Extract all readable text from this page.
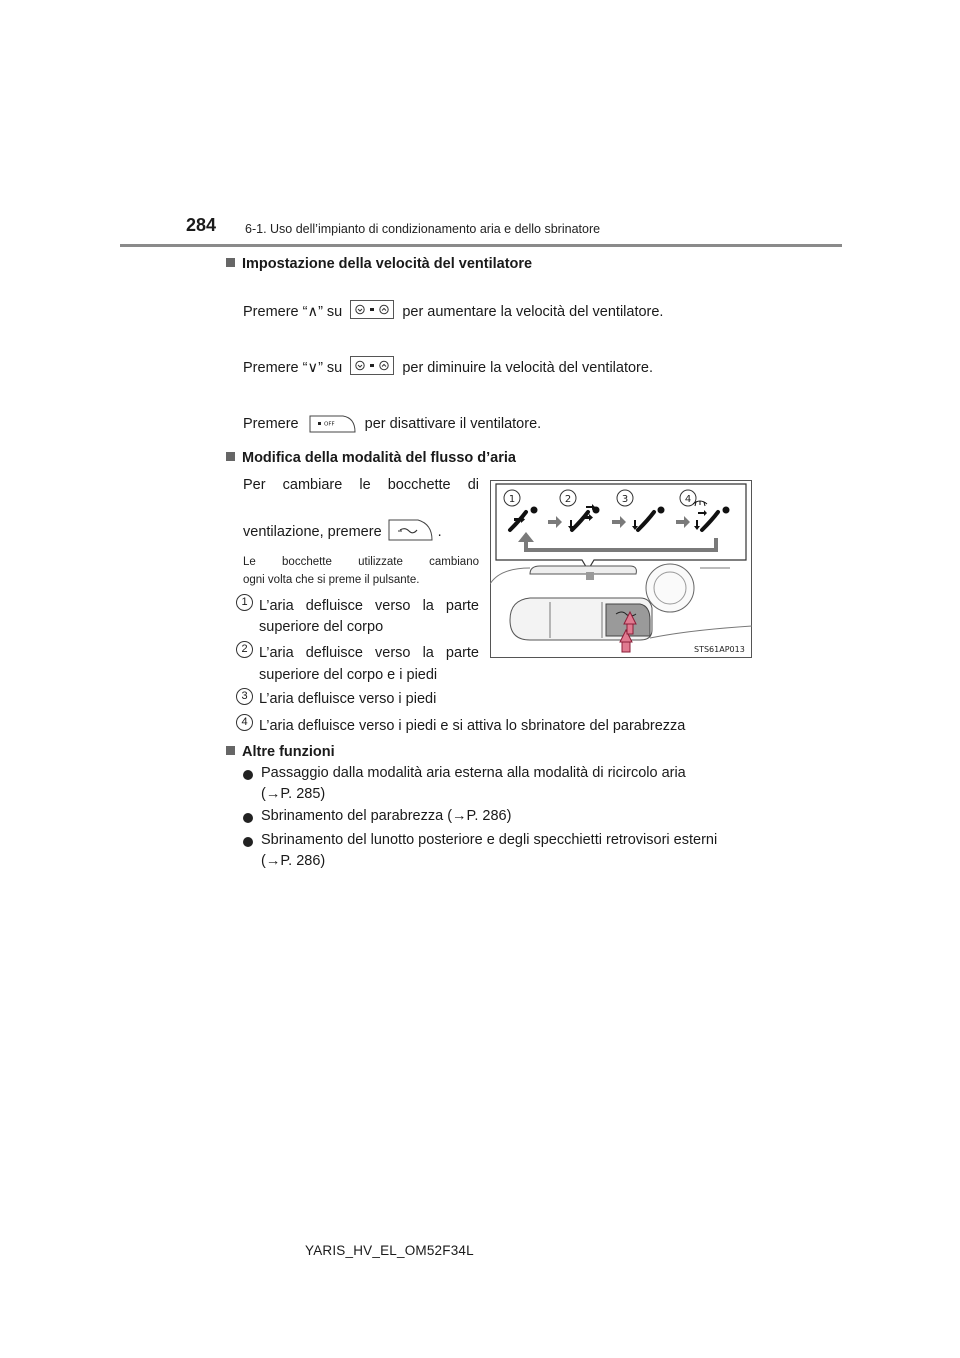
284 6-1. Uso dell’impianto di condizionamento aria e dello sbrinatore
Impostazione della velocità del ventilatore
Premere “∧” su	per aumentare la velocità del ventilatore.
Premere “∨” su	per diminuire la velocità del ventilatore.
Premere	OFF per disattivare il ventilatore.
Modifica della modalità del flusso d’aria
Per cambiare le bocchette di
ventilazione, premere	.
Le bocchette utilizzate cambiano
ogni volta che si preme il pulsante.
1 L’aria defluisce verso la parte
superiore del corpo
2 L’aria defluisce verso la parte
superiore del corpo e i piedi
3 L’aria defluisce verso i piedi
4 L’aria defluisce verso i piedi e si attiva lo sbrinatore del parabrezza
1	2	3	4
STS61AP013
Altre funzioni
Passaggio dalla modalità aria esterna alla modalità di ricircolo aria
(→P. 285)
Sbrinamento del parabrezza (→P. 286)
Sbrinamento del lunotto posteriore e degli specchietti retrovisori esterni
(→P. 286)
YARIS_HV_EL_OM52F34L
